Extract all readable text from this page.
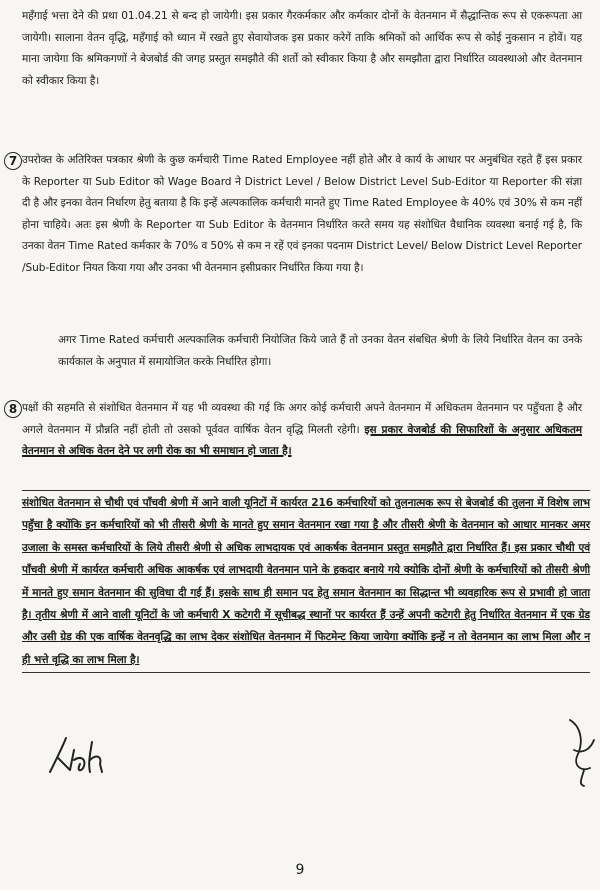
महँगाई भत्ता देने की प्रथा 01.04.21 से बन्द हो जायेगी। इस प्रकार गैरकर्मकार और कर्मकार दोनों के वेतनमान में सैद्धान्तिक रूप से एकरूपता आ जायेगी। सालाना वेतन वृद्धि, महँगाई को ध्यान में रखते हुए सेवायोजक इस प्रकार करेगें ताकि श्रमिकों को आर्थिक रूप से कोई नुकसान न होवें। यह माना जायेगा कि श्रमिकगणों ने बेजबोर्ड की जगह प्रस्तुत समझौते की शर्तो को स्वीकार किया है और समझौता द्वारा निर्धारित व्यवस्थाओ और वेतनमान को स्वीकार किया है।

7 उपरोक्त के अतिरिक्त पत्रकार श्रेणी के कुछ कर्मचारी Time Rated Employee नहीं होते और वे कार्य के आधार पर अनुबंधित रहते हैं इस प्रकार के Reporter या Sub Editor को Wage Board ने District Level / Below District Level Sub-Editor या Reporter की संज्ञा दी है और इनका वेतन निर्धारण हेतु बताया है कि इन्हें अल्पकालिक कर्मचारी मानते हुए Time Rated Employee के 40% एवं 30% से कम नहीं होना चाहिये। अतः इस श्रेणी के Reporter या Sub Editor के वेतनमान निर्धारित करते समय यह संशोधित वैधानिक व्यवस्था बनाई गई है, कि उनका वेतन Time Rated कर्मकार के 70% व 50% से कम न रहें एवं इनका पदनाम District Level/ Below District Level Reporter /Sub-Editor नियत किया गया और उनका भी वेतनमान इसीप्रकार निर्धारित किया गया है।

अगर Time Rated कर्मचारी अल्पकालिक कर्मचारी नियोजित किये जाते हैं तो उनका वेतन संबधित श्रेणी के लिये निर्धारित वेतन का उनके कार्यकाल के अनुपात में समायोजित करके निर्धारित होगा।

8 पक्षों की सहमति से संशोधित वेतनमान में यह भी व्यवस्था की गई कि अगर कोई कर्मचारी अपने वेतनमान में अधिकतम वेतनमान पर पहुँचता है और अगले वेतनमान में प्रौन्नति नहीं होती तो उसको पूर्ववत वार्षिक वेतन वृद्धि मिलती रहेगी। इस प्रकार वेजबोर्ड की सिफारिशों के अनुसार अधिकतम वेतनमान से अधिक वेतन देने पर लगी रोक का भी समाधान हो जाता है।

संशोधित वेतनमान से चौथी एवं पाँचवी श्रेणी में आने वाली यूनिटों में कार्यरत 216 कर्मचारियों को तुलनात्मक रूप से बेजबोर्ड की तुलना में विशेष लाभ पहुँचा है क्योंकि इन कर्मचारियों को भी तीसरी श्रेणी के मानते हुए समान वेतनमान रखा गया है और तीसरी श्रेणी के वेतनमान को आधार मानकर अमर उजाला के समस्त कर्मचारियों के लिये तीसरी श्रेणी से अधिक लाभदायक एवं आकर्षक वेतनमान प्रस्तुत समझौते द्वारा निर्धारित हैं। इस प्रकार चौथी एवं पाँचवी श्रेणी में कार्यरत कर्मचारी अधिक आकर्षक एवं लाभदायी वेतनमान पाने के हकदार बनाये गये क्योकि दोनों श्रेणी के कर्मचारियों को तीसरी श्रेणी में मानते हुए समान वेतनमान की सुविधा दी गई हैं। इसके साथ ही समान पद हेतु समान वेतनमान का सिद्धान्त भी व्यवहारिक रूप से प्रभावी हो जाता है। तृतीय श्रेणी में आने वाली यूनिटों के जो कर्मचारी X कटेगरी में सूचीबद्ध स्थानों पर कार्यरत हैं उन्हें अपनी कटेगरी हेतु निर्धारित वेतनमान में एक ग्रेड और उसी ग्रेड की एक वार्षिक वेतनवृद्धि का लाभ देकर संशोधित वेतनमान में फिटमेन्ट किया जायेगा क्योंकि इन्हें न तो वेतनमान का लाभ मिला और न ही भत्ते वृद्धि का लाभ मिला है।

9
